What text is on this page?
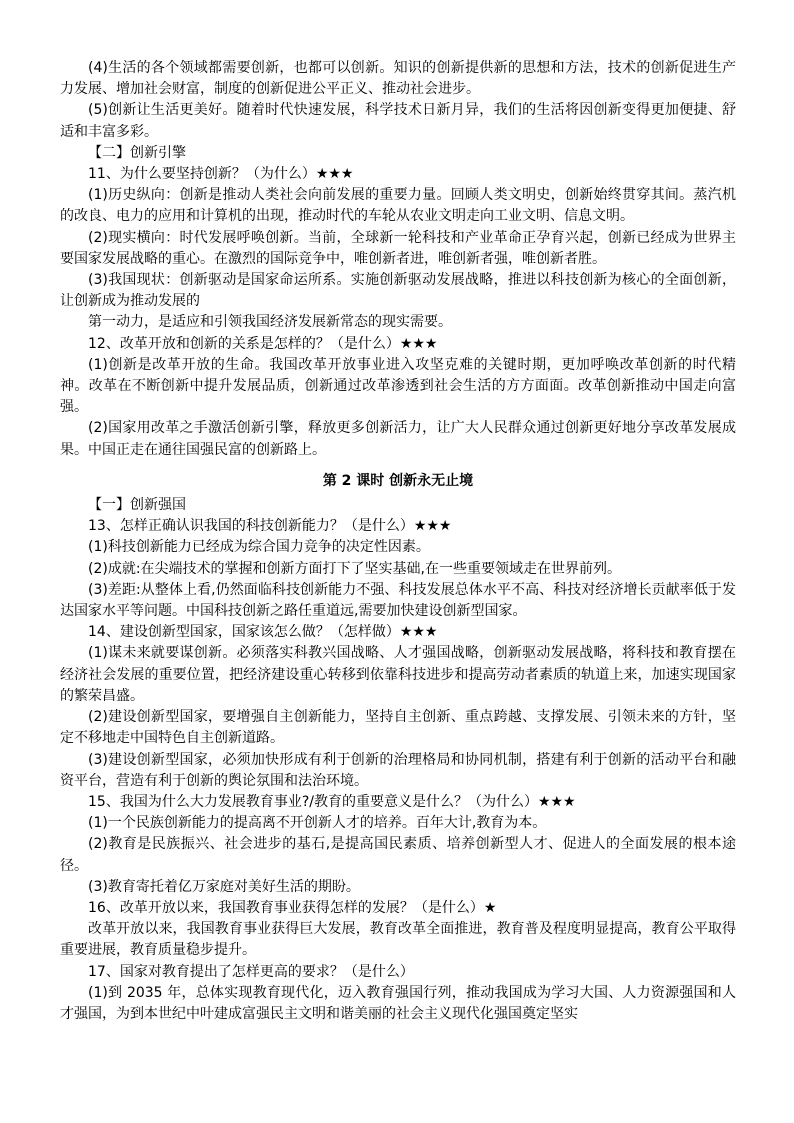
(4)生活的各个领域都需要创新，也都可以创新。知识的创新提供新的思想和方法，技术的创新促进生产力发展、增加社会财富，制度的创新促进公平正义、推动社会进步。

(5)创新让生活更美好。随着时代快速发展，科学技术日新月异，我们的生活将因创新变得更加便捷、舒适和丰富多彩。

【二】创新引擎

11、为什么要坚持创新？（为什么）★★★

(1)历史纵向：创新是推动人类社会向前发展的重要力量。回顾人类文明史，创新始终贯穿其间。蒸汽机的改良、电力的应用和计算机的出现，推动时代的车轮从农业文明走向工业文明、信息文明。

(2)现实横向：时代发展呼唤创新。当前，全球新一轮科技和产业革命正孕育兴起，创新已经成为世界主要国家发展战略的重心。在激烈的国际竞争中，唯创新者进，唯创新者强，唯创新者胜。

(3)我国现状：创新驱动是国家命运所系。实施创新驱动发展战略，推进以科技创新为核心的全面创新，让创新成为推动发展的

第一动力，是适应和引领我国经济发展新常态的现实需要。

12、改革开放和创新的关系是怎样的？（是什么）★★★

(1)创新是改革开放的生命。我国改革开放事业进入攻坚克难的关键时期，更加呼唤改革创新的时代精神。改革在不断创新中提升发展品质，创新通过改革渗透到社会生活的方方面面。改革创新推动中国走向富强。

(2)国家用改革之手激活创新引擎，释放更多创新活力，让广大人民群众通过创新更好地分享改革发展成果。中国正走在通往国强民富的创新路上。

第 2 课时 创新永无止境

【一】创新强国

13、怎样正确认识我国的科技创新能力？（是什么）★★★

(1)科技创新能力已经成为综合国力竞争的决定性因素。

(2)成就:在尖端技术的掌握和创新方面打下了坚实基础,在一些重要领域走在世界前列。

(3)差距:从整体上看,仍然面临科技创新能力不强、科技发展总体水平不高、科技对经济增长贡献率低于发达国家水平等问题。中国科技创新之路任重道远,需要加快建设创新型国家。

14、建设创新型国家，国家该怎么做？（怎样做）★★★

(1)谋未来就要谋创新。必须落实科教兴国战略、人才强国战略，创新驱动发展战略，将科技和教育摆在经济社会发展的重要位置，把经济建设重心转移到依靠科技进步和提高劳动者素质的轨道上来，加速实现国家的繁荣昌盛。

(2)建设创新型国家，要增强自主创新能力，坚持自主创新、重点跨越、支撑发展、引领未来的方针，坚定不移地走中国特色自主创新道路。

(3)建设创新型国家，必须加快形成有利于创新的治理格局和协同机制，搭建有利于创新的活动平台和融资平台，营造有利于创新的舆论氛围和法治环境。

15、我国为什么大力发展教育事业?/教育的重要意义是什么？（为什么）★★★

(1)一个民族创新能力的提高离不开创新人才的培养。百年大计,教育为本。

(2)教育是民族振兴、社会进步的基石,是提高国民素质、培养创新型人才、促进人的全面发展的根本途径。

(3)教育寄托着亿万家庭对美好生活的期盼。

16、改革开放以来，我国教育事业获得怎样的发展？（是什么）★

改革开放以来，我国教育事业获得巨大发展，教育改革全面推进，教育普及程度明显提高，教育公平取得重要进展，教育质量稳步提升。

17、国家对教育提出了怎样更高的要求？（是什么）

(1)到 2035 年，总体实现教育现代化，迈入教育强国行列，推动我国成为学习大国、人力资源强国和人才强国，为到本世纪中叶建成富强民主文明和谐美丽的社会主义现代化强国奠定坚实
